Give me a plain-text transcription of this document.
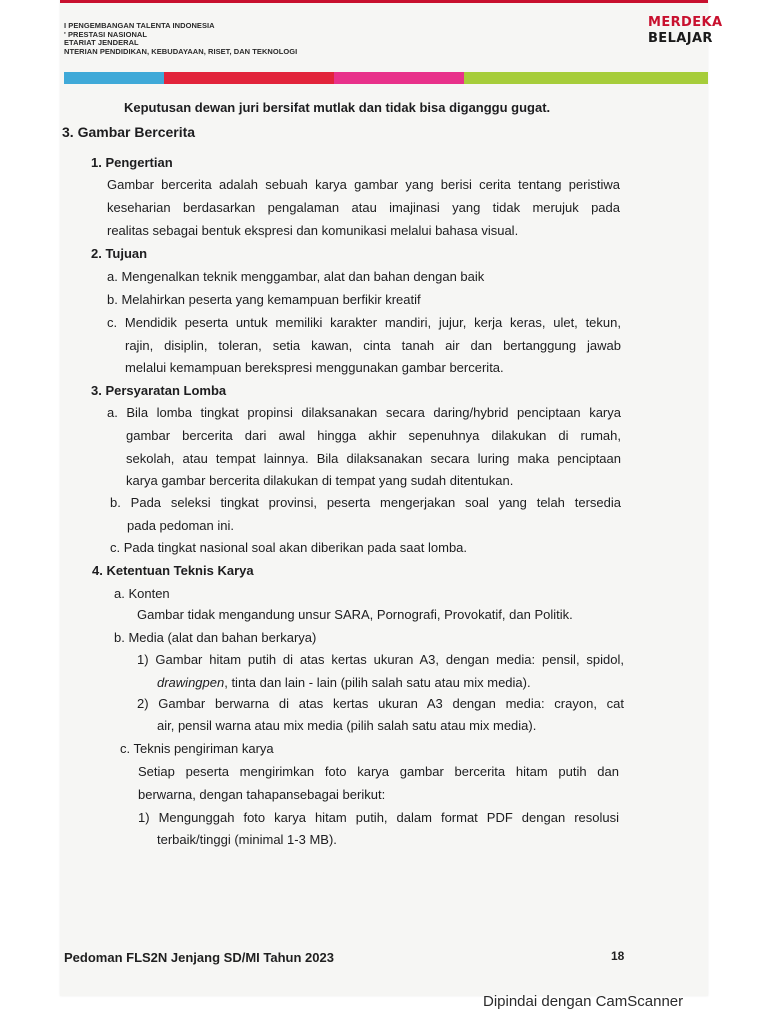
I PENGEMBANGAN TALENTA INDONESIA
' PRESTASI NASIONAL
ETARIAT JENDERAL
NTERIAN PENDIDIKAN, KEBUDAYAAN, RISET, DAN TEKNOLOGI
MERDEKA
BELAJAR
Keputusan dewan juri bersifat mutlak dan tidak bisa diganggu gugat.
3. Gambar Bercerita
1. Pengertian
Gambar bercerita adalah sebuah karya gambar yang berisi cerita tentang peristiwa
keseharian berdasarkan pengalaman atau imajinasi yang tidak merujuk pada
realitas sebagai bentuk ekspresi dan komunikasi melalui bahasa visual.
2. Tujuan
a. Mengenalkan teknik menggambar, alat dan bahan dengan baik
b. Melahirkan peserta yang kemampuan berfikir kreatif
c. Mendidik peserta untuk memiliki karakter mandiri, jujur, kerja keras, ulet, tekun,
rajin, disiplin, toleran, setia kawan, cinta tanah air dan bertanggung jawab
melalui kemampuan berekspresi menggunakan gambar bercerita.
3. Persyaratan Lomba
a. Bila lomba tingkat propinsi dilaksanakan secara daring/hybrid penciptaan karya
gambar bercerita dari awal hingga akhir sepenuhnya dilakukan di rumah,
sekolah, atau tempat lainnya. Bila dilaksanakan secara luring maka penciptaan
karya gambar bercerita dilakukan di tempat yang sudah ditentukan.
b. Pada seleksi tingkat provinsi, peserta mengerjakan soal yang telah tersedia
pada pedoman ini.
c. Pada tingkat nasional soal akan diberikan pada saat lomba.
4. Ketentuan Teknis Karya
a. Konten
Gambar tidak mengandung unsur SARA, Pornografi, Provokatif, dan Politik.
b. Media (alat dan bahan berkarya)
1) Gambar hitam putih di atas kertas ukuran A3, dengan media: pensil, spidol,
drawingpen, tinta dan lain - lain (pilih salah satu atau mix media).
2) Gambar berwarna di atas kertas ukuran A3 dengan media: crayon, cat
air, pensil warna atau mix media (pilih salah satu atau mix media).
c. Teknis pengiriman karya
Setiap peserta mengirimkan foto karya gambar bercerita hitam putih dan
berwarna, dengan tahapansebagai berikut:
1) Mengunggah foto karya hitam putih, dalam format PDF dengan resolusi
terbaik/tinggi (minimal 1-3 MB).
Pedoman FLS2N Jenjang SD/MI Tahun 2023	18
Dipindai dengan CamScanner
